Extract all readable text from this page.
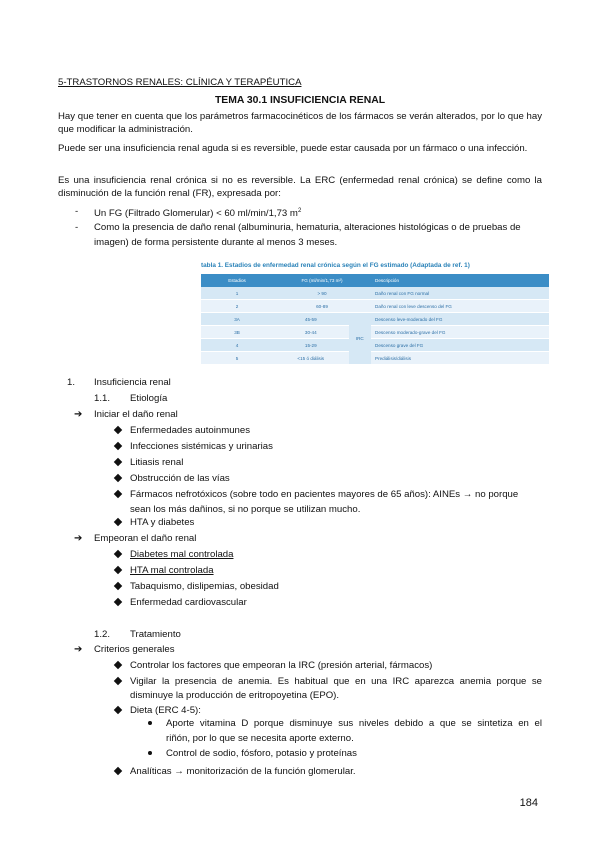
5-TRASTORNOS RENALES: CLÍNICA Y TERAPÉUTICA
TEMA 30.1 INSUFICIENCIA RENAL
Hay que tener en cuenta que los parámetros farmacocinéticos de los fármacos se verán alterados, por lo que hay que modificar la administración.
Puede ser una insuficiencia renal aguda si es reversible, puede estar causada por un fármaco o una infección.
Es una insuficiencia renal crónica si no es reversible. La ERC (enfermedad renal crónica) se define como la disminución de la función renal (FR), expresada por:
- Un FG (Filtrado Glomerular) < 60 ml/min/1,73 $m^2$
- Como la presencia de daño renal (albuminuria, hematuria, alteraciones histológicas o de pruebas de
imagen) de forma persistente durante al menos 3 meses.
tabla 1. Estadios de enfermedad renal crónica según el FG estimado (Adaptada de ref. 1)
Estadios	FG (ml/min/1,73 m²)		Descripción
1	> 90		Daño renal con FG normal
2	60-89		Daño renal con leve descenso del FG
3A	45-59	IRC	Descenso leve-moderado del FG
3B	30-44		Descenso moderado-grave del FG
4	15-29		Descenso grave del FG
5	<15 ó diálisis		Prediálisis/diálisis
1. Insuficiencia renal
1.1. Etiología
➔ Iniciar el daño renal
Enfermedades autoinmunes
Infecciones sistémicas y urinarias
Litiasis renal
Obstrucción de las vías
Fármacos nefrotóxicos (sobre todo en pacientes mayores de 65 años): AINEs → no porque
sean los más dañinos, si no porque se utilizan mucho.
HTA y diabetes
➔ Empeoran el daño renal
Diabetes mal controlada
HTA mal controlada
Tabaquismo, dislipemias, obesidad
Enfermedad cardiovascular
1.2. Tratamiento
➔ Criterios generales
Controlar los factores que empeoran la IRC (presión arterial, fármacos)
Vigilar la presencia de anemia. Es habitual que en una IRC aparezca anemia porque se
disminuye la producción de eritropoyetina (EPO).
Dieta (ERC 4-5):
Aporte vitamina D porque disminuye sus niveles debido a que se sintetiza en el
riñón, por lo que se necesita aporte externo.
Control de sodio, fósforo, potasio y proteínas
Analíticas → monitorización de la función glomerular.
184
